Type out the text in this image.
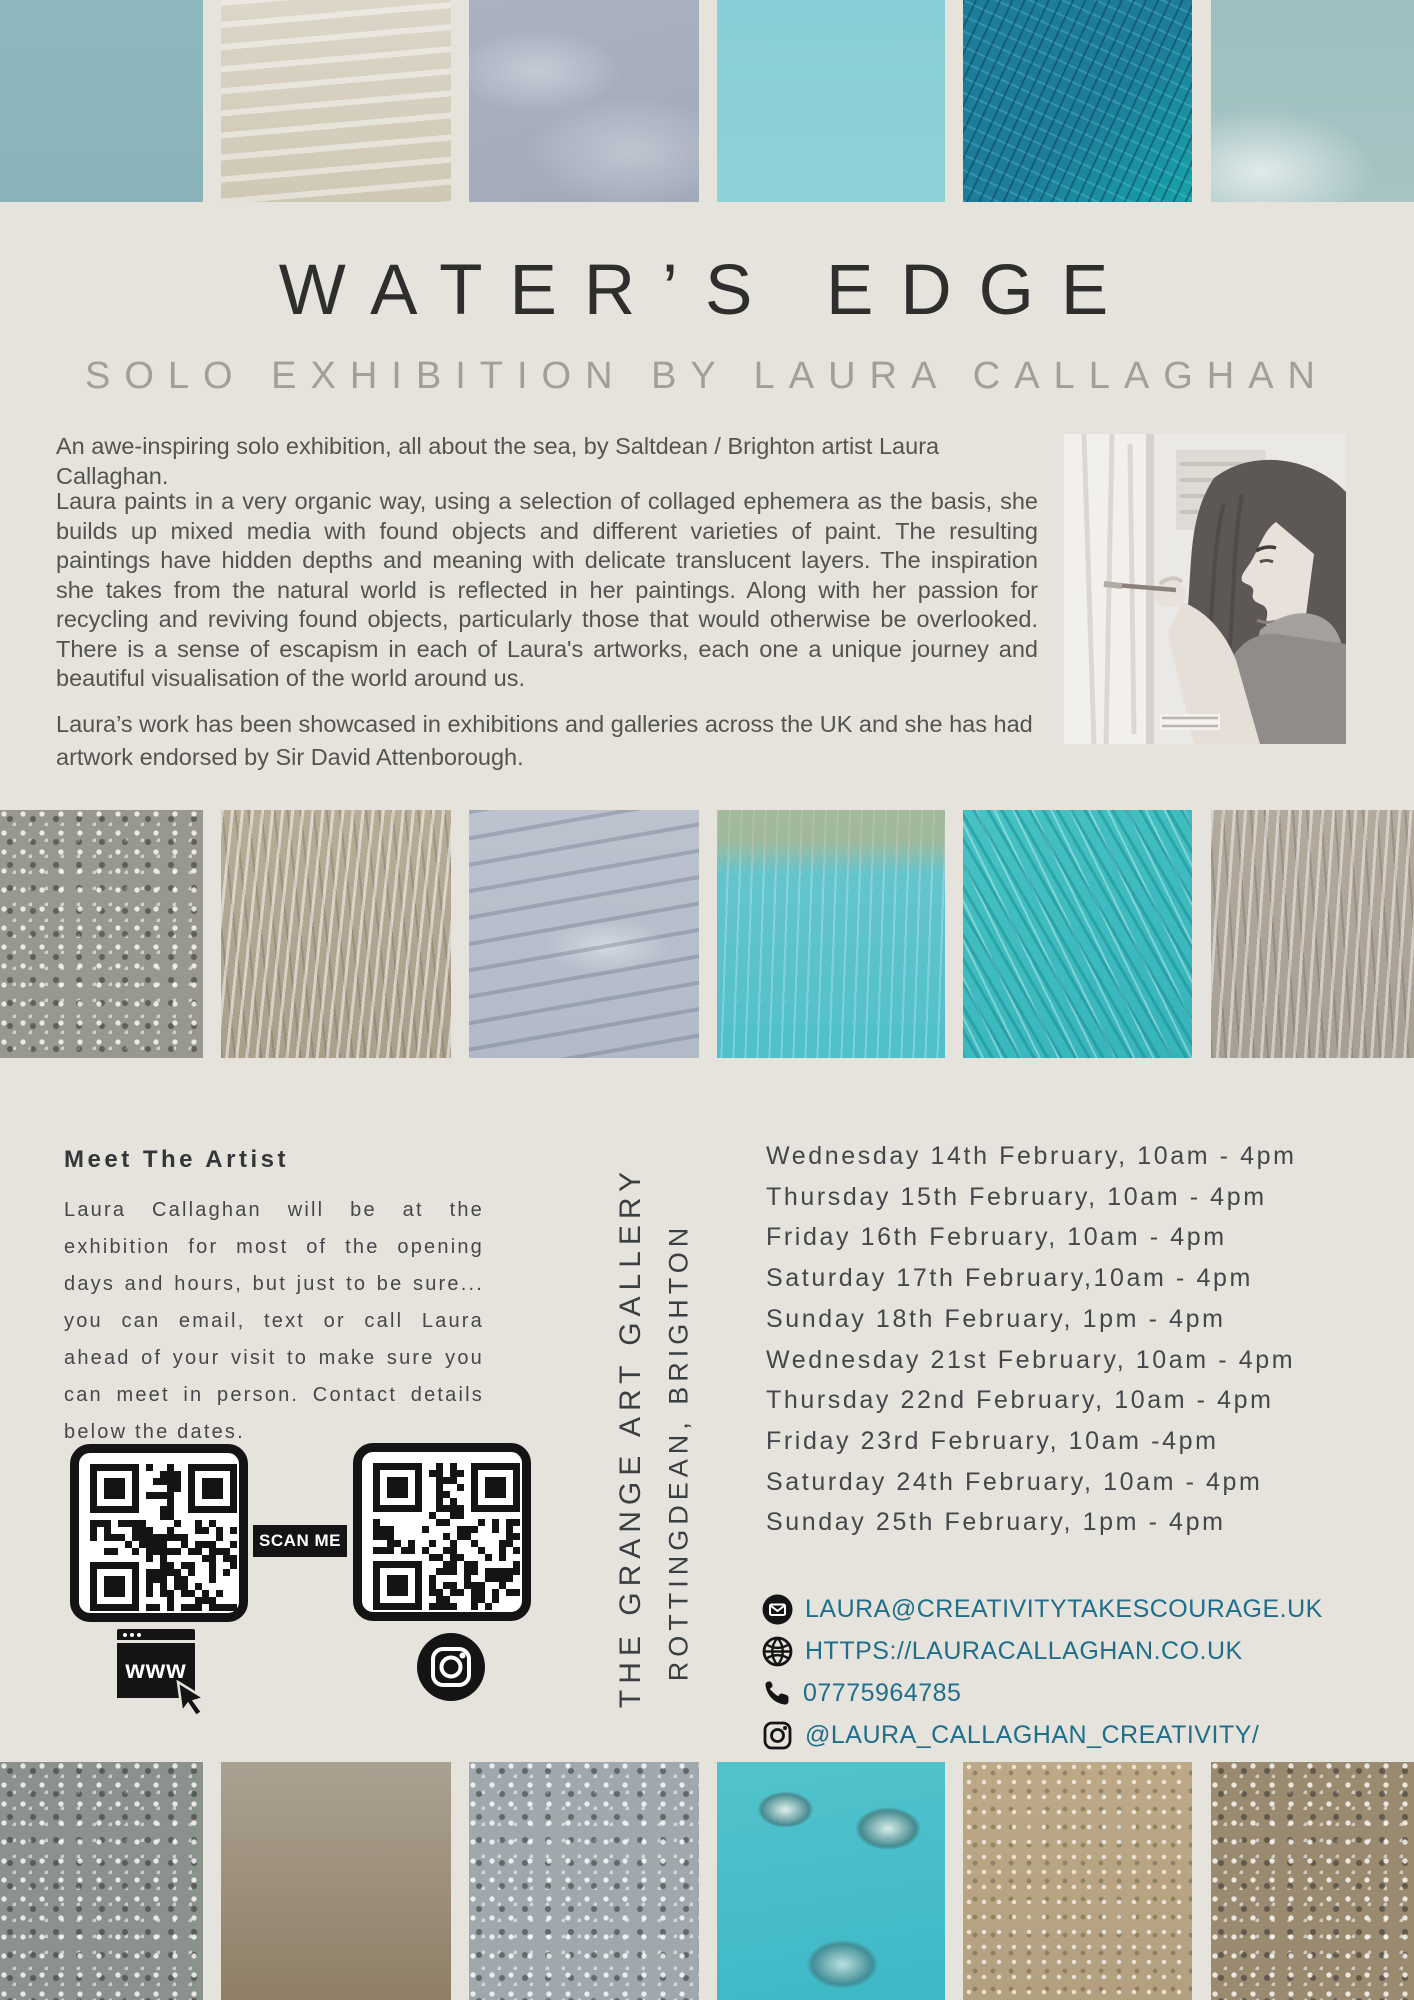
WATER’S EDGE
SOLO EXHIBITION BY LAURA CALLAGHAN
An awe-inspiring solo exhibition, all about the sea, by Saltdean / Brighton artist Laura Callaghan.
Laura paints in a very organic way, using a selection of collaged ephemera as the basis, she builds up mixed media with found objects and different varieties of paint. The resulting paintings have hidden depths and meaning with delicate translucent layers. The inspiration she takes from the natural world is reflected in her paintings. Along with her passion for recycling and reviving found objects, particularly those that would otherwise be overlooked. There is a sense of escapism in each of Laura's artworks, each one a unique journey and beautiful visualisation of the world around us.
Laura’s work has been showcased in exhibitions and galleries across the UK and she has had artwork endorsed by Sir David Attenborough.
Meet The Artist
Laura Callaghan will be at the exhibition for most of the opening days and hours, but just to be sure... you can email, text or call Laura ahead of your visit to make sure you can meet in person. Contact details below the dates.
SCAN ME
www	THE GRANGE ART GALLERY ROTTINGDEAN, BRIGHTON
Wednesday 14th February, 10am - 4pm
Thursday 15th February, 10am - 4pm
Friday 16th February, 10am - 4pm
Saturday 17th February,10am - 4pm
Sunday 18th February, 1pm - 4pm
Wednesday 21st February, 10am - 4pm
Thursday 22nd February, 10am - 4pm
Friday 23rd February, 10am -4pm
Saturday 24th February, 10am - 4pm
Sunday 25th February, 1pm - 4pm
LAURA@CREATIVITYTAKESCOURAGE.UK
HTTPS://LAURACALLAGHAN.CO.UK
07775964785
@LAURA_CALLAGHAN_CREATIVITY/
